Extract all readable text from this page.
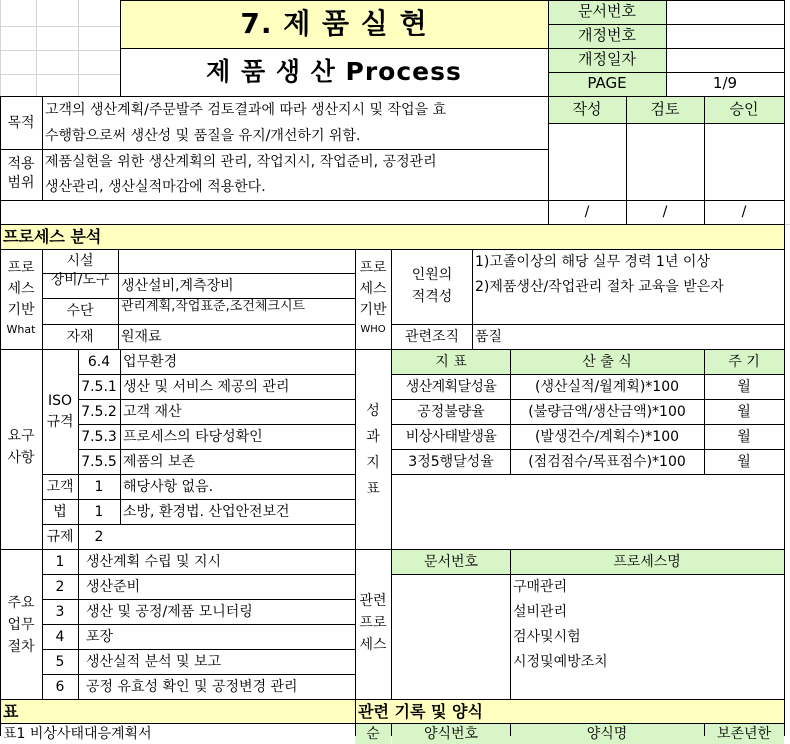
7. 제 품 실 현
제 품 생 산 Process
문서번호
개정번호
개정일자
PAGE	1/9
목적
고객의 생산계획/주문발주 검토결과에 따라 생산지시 및 작업을 효
수행함으로써 생산성 및 품질을 유지/개선하기 위함.
적용
범위
제품실현을 위한 생산계획의 관리, 작업지시, 작업준비, 공정관리
생산관리, 생산실적마감에 적용한다.
작성	검토	승인
/	/	/
프로세스 분석
프로
세스
기반
What
시설
장비/도구 생산설비,계측장비
수단	관리계획,작업표준,조건체크시트
자재	원재료
프로
세스
기반
WHO
인원의
적격성
1)고졸이상의 해당 실무 경력 1년 이상
2)제품생산/작업관리 절차 교육을 받은자
관련조직	품질
요구
사항
ISO
규격
6.4 업무환경
7.5.1 생산 및 서비스 제공의 관리
7.5.2 고객 재산
7.5.3 프로세스의 타당성확인
7.5.5 제품의 보존
고객	1	해당사항 없음.
법	1	소방, 환경법. 산업안전보건
규제	2
성
과
지
표
지 표	산 출 식	주 기
생산계획달성율	(생산실적/월계획)*100	월
공정불량율	(불량금액/생산금액)*100	월
비상사태발생율	(발생건수/계획수)*100	월
3정5행달성율	(점검점수/목표점수)*100	월
주요
업무
절차
1	생산계획 수립 및 지시
2	생산준비
3	생산 및 공정/제품 모니터링
4	포장
5	생산실적 분석 및 보고
6	공정 유효성 확인 및 공정변경 관리
관련
프로
세스
문서번호	프로세스명
구매관리
설비관리
검사및시험
시정및예방조치
표	관련 기록 및 양식
표1 비상사태대응계획서	순	양식번호	양식명	보존년한
